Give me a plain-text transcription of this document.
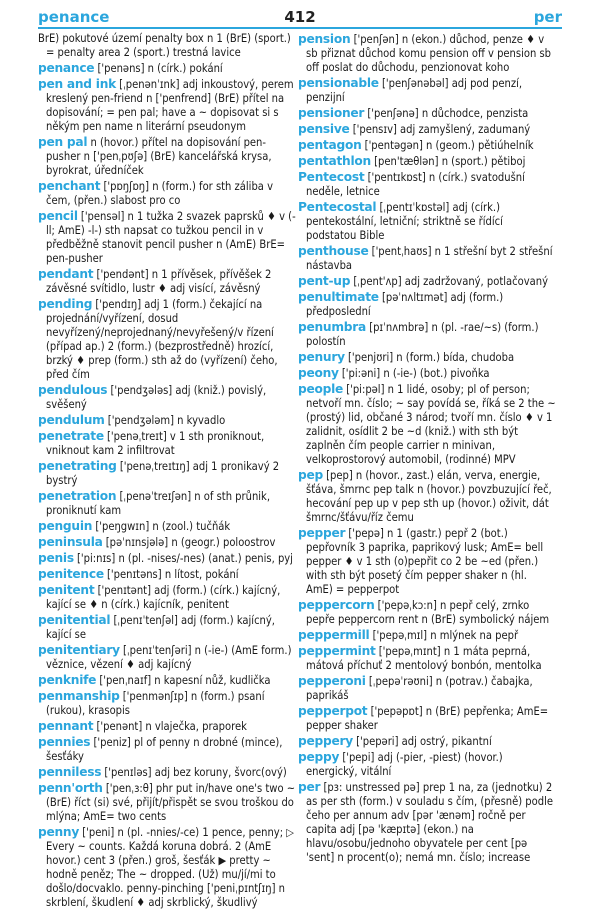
penance	412	per
BrE) pokutové území penalty box n 1 (BrE) (sport.) = penalty area 2 (sport.) trestná lavice
penance ['penəns] n (círk.) pokání
pen and ink [ˌpenənˈɪnk] adj inkoustový, perem kreslený pen-friend n ['penfrend] (BrE) přítel na dopisování; = pen pal; have a ~ dopisovat si s někým pen name n literární pseudonym
pen pal n (hovor.) přítel na dopisování pen-pusher n ['penˌpʊʃə] (BrE) kancelářská krysa, byrokrat, úředníček
penchant ['pɒŋʃɒŋ] n (form.) for sth záliba v čem, (přen.) slabost pro co
pencil ['pensəl] n 1 tužka 2 svazek paprsků ♦ v (-ll; AmE) -l-) sth napsat co tužkou pencil in v předběžně stanovit pencil pusher n (AmE) BrE= pen-pusher
pendant ['pendənt] n 1 přívěsek, přívěšek 2 závěsné svítidlo, lustr ♦ adj visící, závěsný
pending ['pendɪŋ] adj 1 (form.) čekající na projednání/vyřízení, dosud nevyřízený/neprojednaný/nevyřešený/v řízení (případ ap.) 2 (form.) (bezprostředně) hrozící, brzký ♦ prep (form.) sth až do (vyřízení) čeho, před čím
pendulous ['pendʒələs] adj (kniž.) povislý, svěšený
pendulum ['pendʒələm] n kyvadlo
penetrate ['penəˌtreɪt] v 1 sth proniknout, vniknout kam 2 infiltrovat
penetrating ['penəˌtreɪtɪŋ] adj 1 pronikavý 2 bystrý
penetration [ˌpenəˈtreɪʃən] n of sth průnik, proniknutí kam
penguin ['peŋgwɪn] n (zool.) tučňák
peninsula [pəˈnɪnsjələ] n (geogr.) poloostrov
penis ['pi:nɪs] n (pl. -nises/-nes) (anat.) penis, pyj
penitence ['penɪtəns] n lítost, pokání
penitent ['penɪtənt] adj (form.) (círk.) kajícný, kající se ♦ n (círk.) kajícník, penitent
penitential [ˌpenɪˈtenʃəl] adj (form.) kajícný, kající se
penitentiary [ˌpenɪˈtenʃəri] n (-ie-) (AmE form.) věznice, vězení ♦ adj kajícný
penknife ['penˌnaɪf] n kapesní nůž, kudlička
penmanship ['penmənʃɪp] n (form.) psaní (rukou), krasopis
pennant ['penənt] n vlaječka, praporek
pennies ['peniz] pl of penny n drobné (mince), šesťáky
penniless ['penɪləs] adj bez koruny, švorc(ový)
penn'orth ['penˌɜ:θ] phr put in/have one's two ~ (BrE) říct (si) své, přijít/přispět se svou troškou do mlýna; AmE= two cents
penny ['peni] n (pl. -nnies/-ce) 1 pence, penny; ▷ Every ~ counts. Každá koruna dobrá. 2 (AmE hovor.) cent 3 (přen.) groš, šesťák ▶ pretty ~ hodně peněz; The ~ dropped. (Už) mu/jí/mi to došlo/docvaklo. penny-pinching ['peniˌpɪntʃɪŋ] n skrblení, škudlení ♦ adj skrblický, škudlivý
pension ['penʃən] n (ekon.) důchod, penze ♦ v sb přiznat důchod komu pension off v pension sb off poslat do důchodu, penzionovat koho
pensionable ['penʃənəbəl] adj pod penzí, penzijní
pensioner ['penʃənə] n důchodce, penzista
pensive ['pensɪv] adj zamyšlený, zadumaný
pentagon ['pentəgən] n (geom.) pětiúhelník
pentathlon [pen'tæθlən] n (sport.) pětiboj
Pentecost ['pentɪkɒst] n (círk.) svatodušní neděle, letnice
Pentecostal [ˌpentɪˈkɒstəl] adj (círk.) pentekostální, letniční; striktně se řídící podstatou Bible
penthouse ['pentˌhaʊs] n 1 střešní byt 2 střešní nástavba
pent-up [ˌpent'ʌp] adj zadržovaný, potlačovaný
penultimate [pəˈnʌltɪmət] adj (form.) předposlední
penumbra [pɪˈnʌmbrə] n (pl. -rae/~s) (form.) polostín
penury ['penjʊri] n (form.) bída, chudoba
peony ['pi:əni] n (-ie-) (bot.) pivoňka
people ['pi:pəl] n 1 lidé, osoby; pl of person; netvoří mn. číslo; ~ say povídá se, říká se 2 the ~ (prostý) lid, občané 3 národ; tvoří mn. číslo ♦ v 1 zalidnit, osídlit 2 be ~d (kniž.) with sth být zaplněn čím people carrier n minivan, velkoprostorový automobil, (rodinné) MPV
pep [pep] n (hovor., zast.) elán, verva, energie, šťáva, šmrnc pep talk n (hovor.) povzbuzující řeč, hecování pep up v pep sth up (hovor.) oživit, dát šmrnc/šťávu/říz čemu
pepper ['pepə] n 1 (gastr.) pepř 2 (bot.) pepřovník 3 paprika, paprikový lusk; AmE= bell pepper ♦ v 1 sth (o)pepřit co 2 be ~ed (přen.) with sth být posetý čím pepper shaker n (hl. AmE) = pepperpot
peppercorn ['pepəˌkɔ:n] n pepř celý, zrnko pepře peppercorn rent n (BrE) symbolický nájem
peppermill ['pepəˌmɪl] n mlýnek na pepř
peppermint ['pepəˌmɪnt] n 1 máta peprná, mátová příchuť 2 mentolový bonbón, mentolka
pepperoni [ˌpepəˈrəʊni] n (potrav.) čabajka, paprikáš
pepperpot ['pepəpɒt] n (BrE) pepřenka; AmE= pepper shaker
peppery ['pepəri] adj ostrý, pikantní
peppy ['pepi] adj (-pier, -piest) (hovor.) energický, vitální
per [pɜ: unstressed pə] prep 1 na, za (jednotku) 2 as per sth (form.) v souladu s čím, (přesně) podle čeho per annum adv [pər 'ænəm] ročně per capita adj [pə 'kæpɪtə] (ekon.) na hlavu/osobu/jednoho obyvatele per cent [pə 'sent] n procent(o); nemá mn. číslo; increase
